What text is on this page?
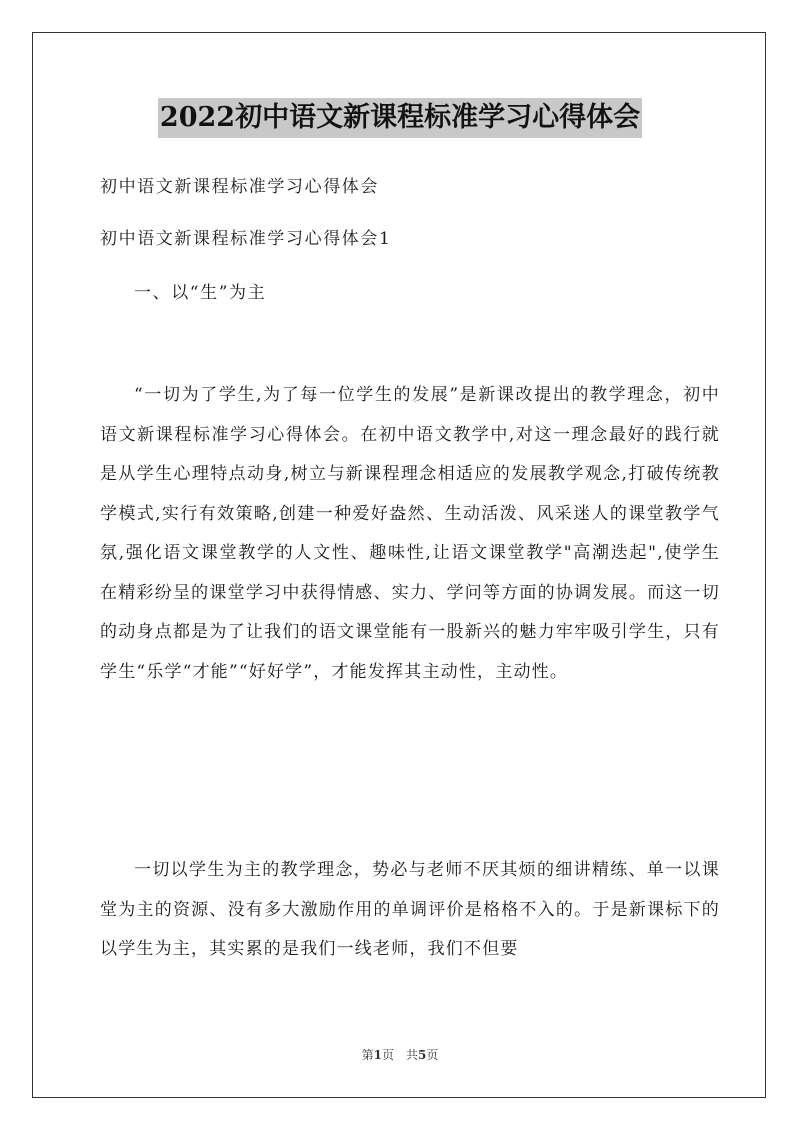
2022初中语文新课程标准学习心得体会
初中语文新课程标准学习心得体会
初中语文新课程标准学习心得体会1
一、以“生”为主
“一切为了学生,为了每一位学生的发展”是新课改提出的教学理念，初中语文新课程标准学习心得体会。在初中语文教学中,对这一理念最好的践行就是从学生心理特点动身,树立与新课程理念相适应的发展教学观念,打破传统教学模式,实行有效策略,创建一种爱好盎然、生动活泼、风采迷人的课堂教学气氛,强化语文课堂教学的人文性、趣味性,让语文课堂教学"高潮迭起",使学生在精彩纷呈的课堂学习中获得情感、实力、学问等方面的协调发展。而这一切的动身点都是为了让我们的语文课堂能有一股新兴的魅力牢牢吸引学生，只有学生“乐学“才能”“好好学”，才能发挥其主动性，主动性。
一切以学生为主的教学理念，势必与老师不厌其烦的细讲精练、单一以课堂为主的资源、没有多大激励作用的单调评价是格格不入的。于是新课标下的以学生为主，其实累的是我们一线老师，我们不但要
第1页　共5页
